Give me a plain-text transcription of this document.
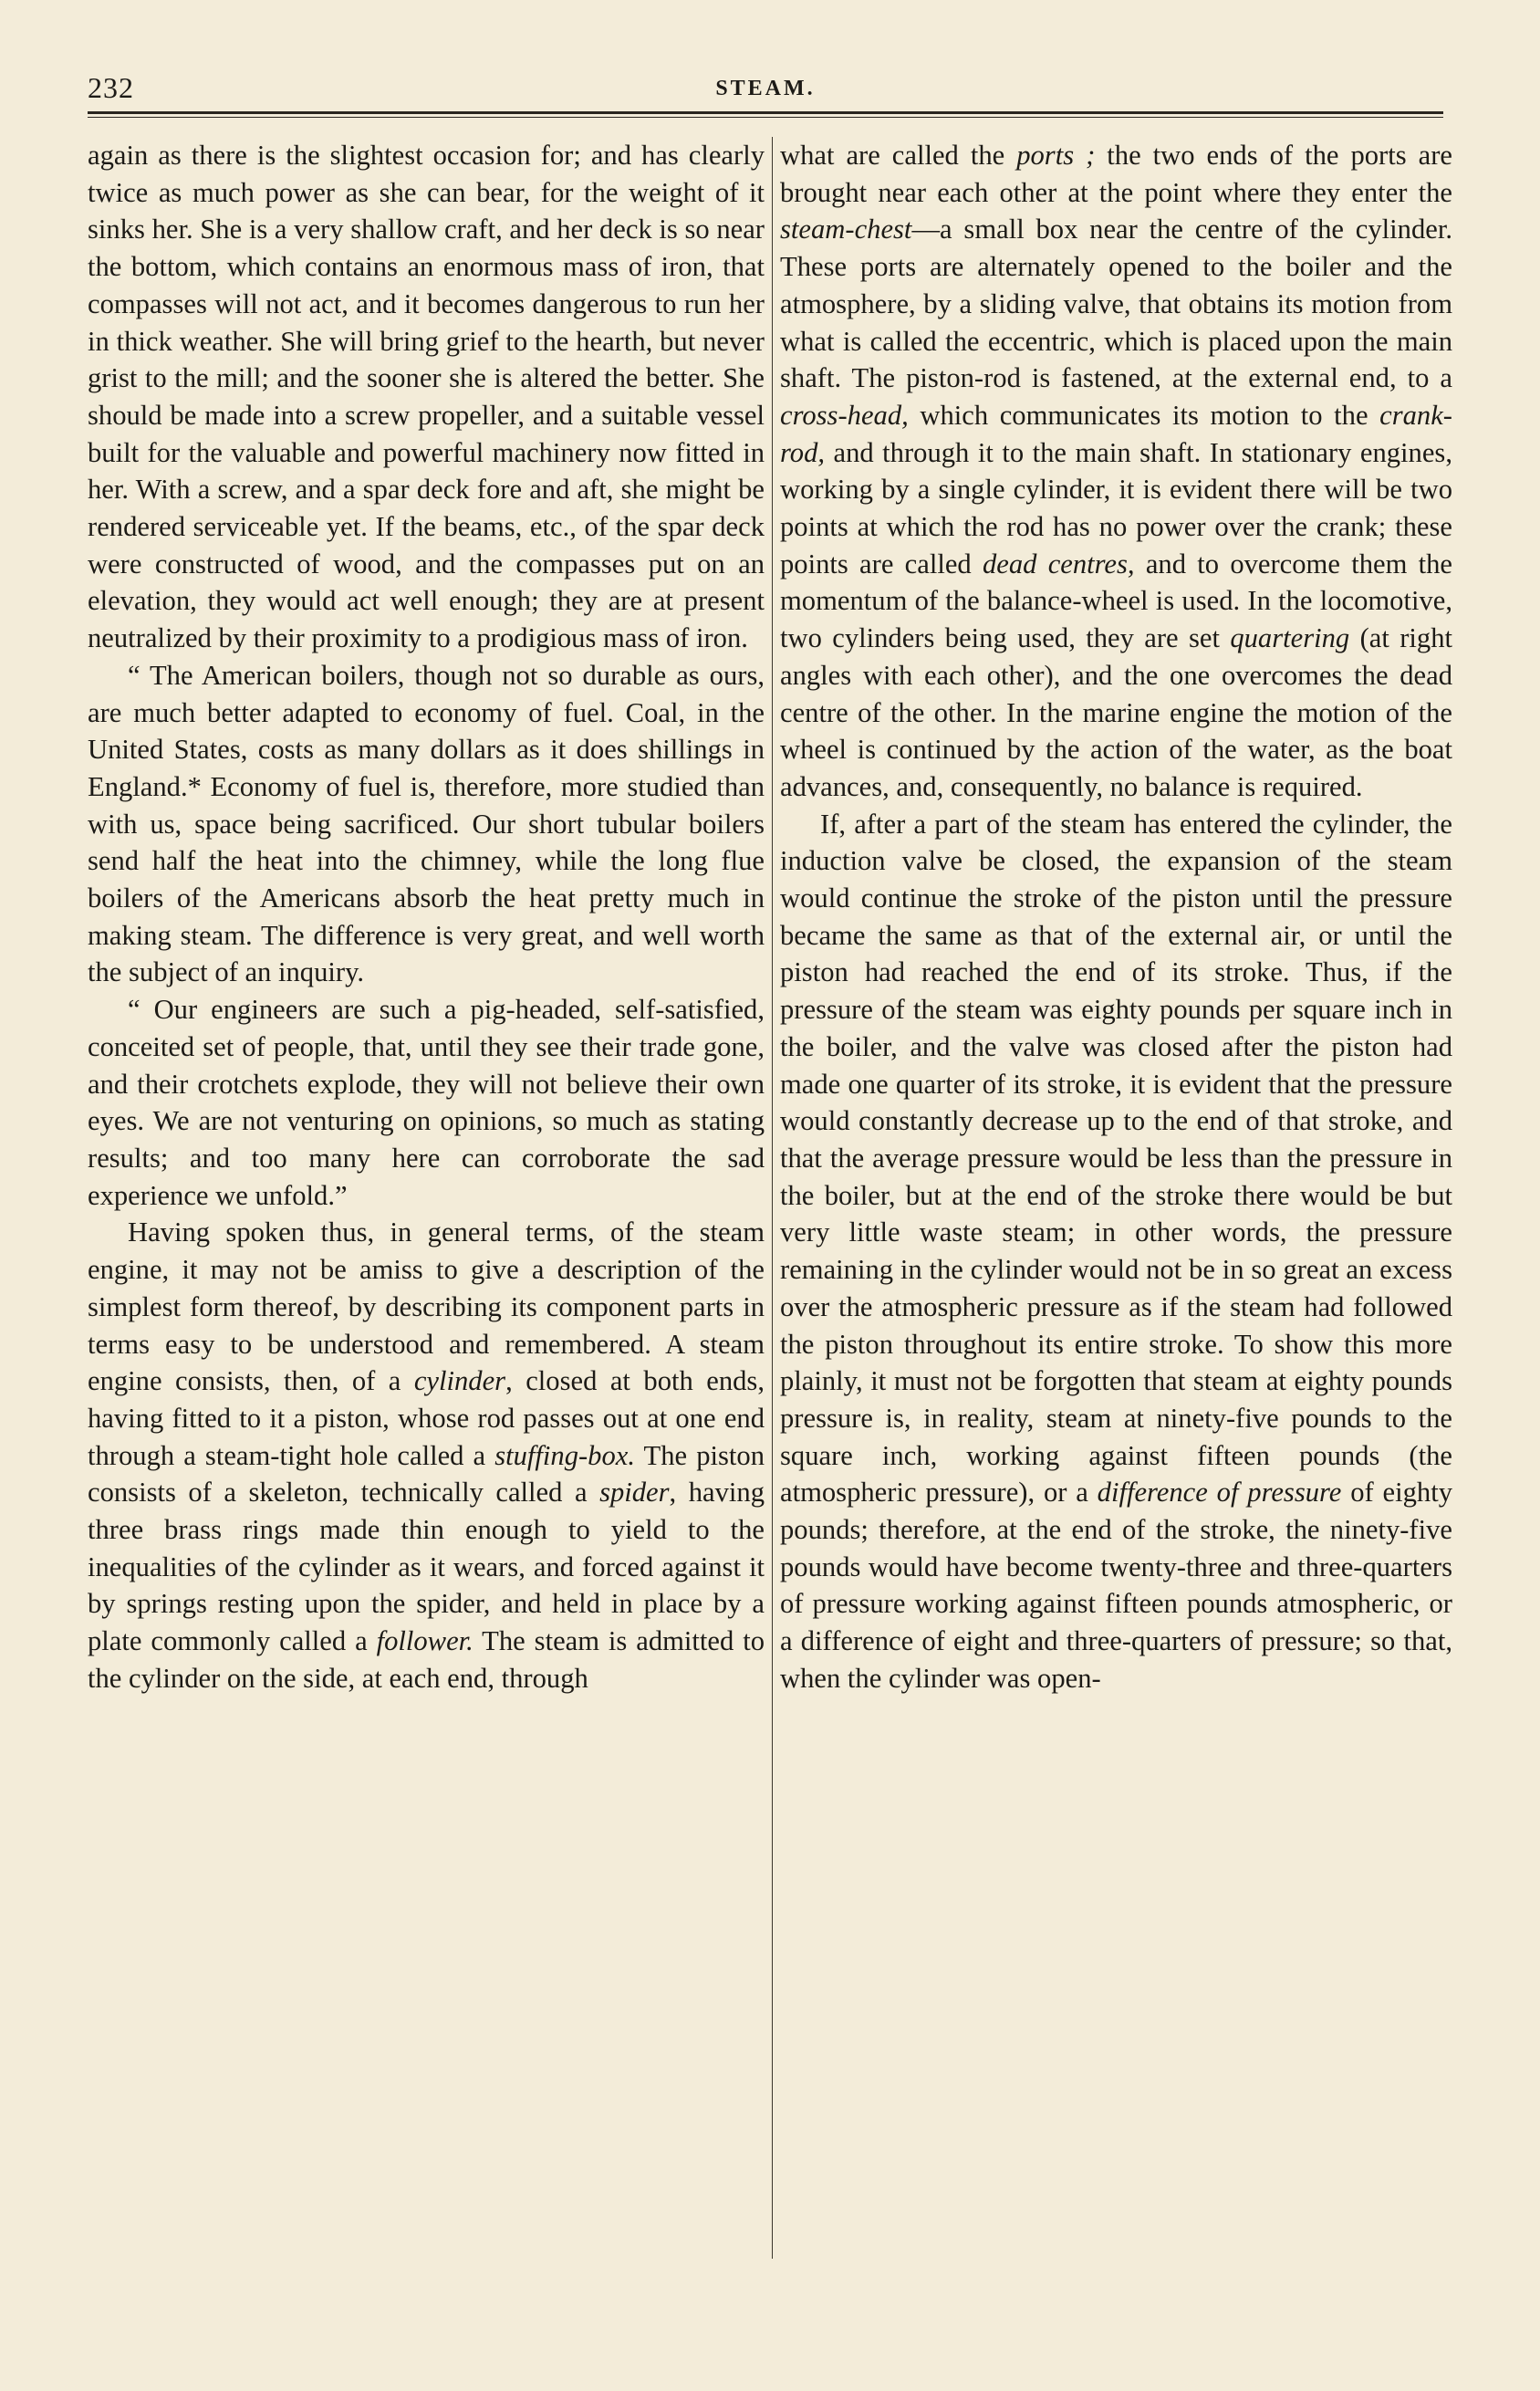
232	STEAM.

again as there is the slightest occasion for; and has clearly twice as much power as she can bear, for the weight of it sinks her. She is a very shallow craft, and her deck is so near the bottom, which contains an enormous mass of iron, that compasses will not act, and it becomes dangerous to run her in thick weather. She will bring grief to the hearth, but never grist to the mill; and the sooner she is altered the better. She should be made into a screw propeller, and a suitable vessel built for the valuable and powerful machinery now fitted in her. With a screw, and a spar deck fore and aft, she might be rendered serviceable yet. If the beams, etc., of the spar deck were constructed of wood, and the compasses put on an elevation, they would act well enough; they are at present neutralized by their proximity to a prodigious mass of iron.

“ The American boilers, though not so durable as ours, are much better adapted to economy of fuel. Coal, in the United States, costs as many dollars as it does shillings in England.* Economy of fuel is, therefore, more studied than with us, space being sacrificed. Our short tubular boilers send half the heat into the chimney, while the long flue boilers of the Americans absorb the heat pretty much in making steam. The difference is very great, and well worth the subject of an inquiry.

“ Our engineers are such a pig-headed, self-satisfied, conceited set of people, that, until they see their trade gone, and their crotchets explode, they will not believe their own eyes. We are not venturing on opinions, so much as stating results; and too many here can corroborate the sad experience we unfold.”

Having spoken thus, in general terms, of the steam engine, it may not be amiss to give a description of the simplest form thereof, by describing its component parts in terms easy to be understood and remembered. A steam engine consists, then, of a cylinder, closed at both ends, having fitted to it a piston, whose rod passes out at one end through a steam-tight hole called a stuffing-box. The piston consists of a skeleton, technically called a spider, having three brass rings made thin enough to yield to the inequalities of the cylinder as it wears, and forced against it by springs resting upon the spider, and held in place by a plate commonly called a follower. The steam is admitted to the cylinder on the side, at each end, through

what are called the ports ; the two ends of the ports are brought near each other at the point where they enter the steam-chest—a small box near the centre of the cylinder. These ports are alternately opened to the boiler and the atmosphere, by a sliding valve, that obtains its motion from what is called the eccentric, which is placed upon the main shaft. The piston-rod is fastened, at the external end, to a cross-head, which communicates its motion to the crank-rod, and through it to the main shaft. In stationary engines, working by a single cylinder, it is evident there will be two points at which the rod has no power over the crank; these points are called dead centres, and to overcome them the momentum of the balance-wheel is used. In the locomotive, two cylinders being used, they are set quartering (at right angles with each other), and the one overcomes the dead centre of the other. In the marine engine the motion of the wheel is continued by the action of the water, as the boat advances, and, consequently, no balance is required.

If, after a part of the steam has entered the cylinder, the induction valve be closed, the expansion of the steam would continue the stroke of the piston until the pressure became the same as that of the external air, or until the piston had reached the end of its stroke. Thus, if the pressure of the steam was eighty pounds per square inch in the boiler, and the valve was closed after the piston had made one quarter of its stroke, it is evident that the pressure would constantly decrease up to the end of that stroke, and that the average pressure would be less than the pressure in the boiler, but at the end of the stroke there would be but very little waste steam; in other words, the pressure remaining in the cylinder would not be in so great an excess over the atmospheric pressure as if the steam had followed the piston throughout its entire stroke. To show this more plainly, it must not be forgotten that steam at eighty pounds pressure is, in reality, steam at ninety-five pounds to the square inch, working against fifteen pounds (the atmospheric pressure), or a difference of pressure of eighty pounds; therefore, at the end of the stroke, the ninety-five pounds would have become twenty-three and three-quarters of pressure working against fifteen pounds atmospheric, or a difference of eight and three-quarters of pressure; so that, when the cylinder was open-
